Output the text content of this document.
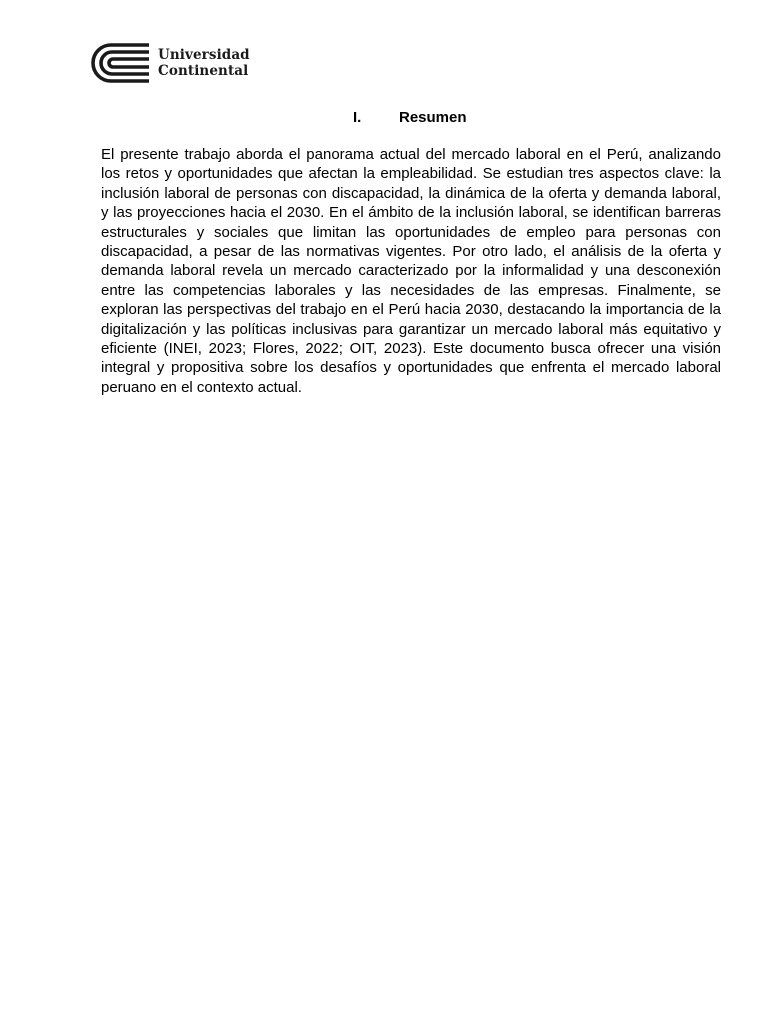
Universidad
Continental
I.	Resumen

El presente trabajo aborda el panorama actual del mercado laboral en el Perú, analizando los retos y oportunidades que afectan la empleabilidad. Se estudian tres aspectos clave: la inclusión laboral de personas con discapacidad, la dinámica de la oferta y demanda laboral, y las proyecciones hacia el 2030. En el ámbito de la inclusión laboral, se identifican barreras estructurales y sociales que limitan las oportunidades de empleo para personas con discapacidad, a pesar de las normativas vigentes. Por otro lado, el análisis de la oferta y demanda laboral revela un mercado caracterizado por la informalidad y una desconexión entre las competencias laborales y las necesidades de las empresas. Finalmente, se exploran las perspectivas del trabajo en el Perú hacia 2030, destacando la importancia de la digitalización y las políticas inclusivas para garantizar un mercado laboral más equitativo y eficiente (INEI, 2023; Flores, 2022; OIT, 2023). Este documento busca ofrecer una visión integral y propositiva sobre los desafíos y oportunidades que enfrenta el mercado laboral peruano en el contexto actual.
